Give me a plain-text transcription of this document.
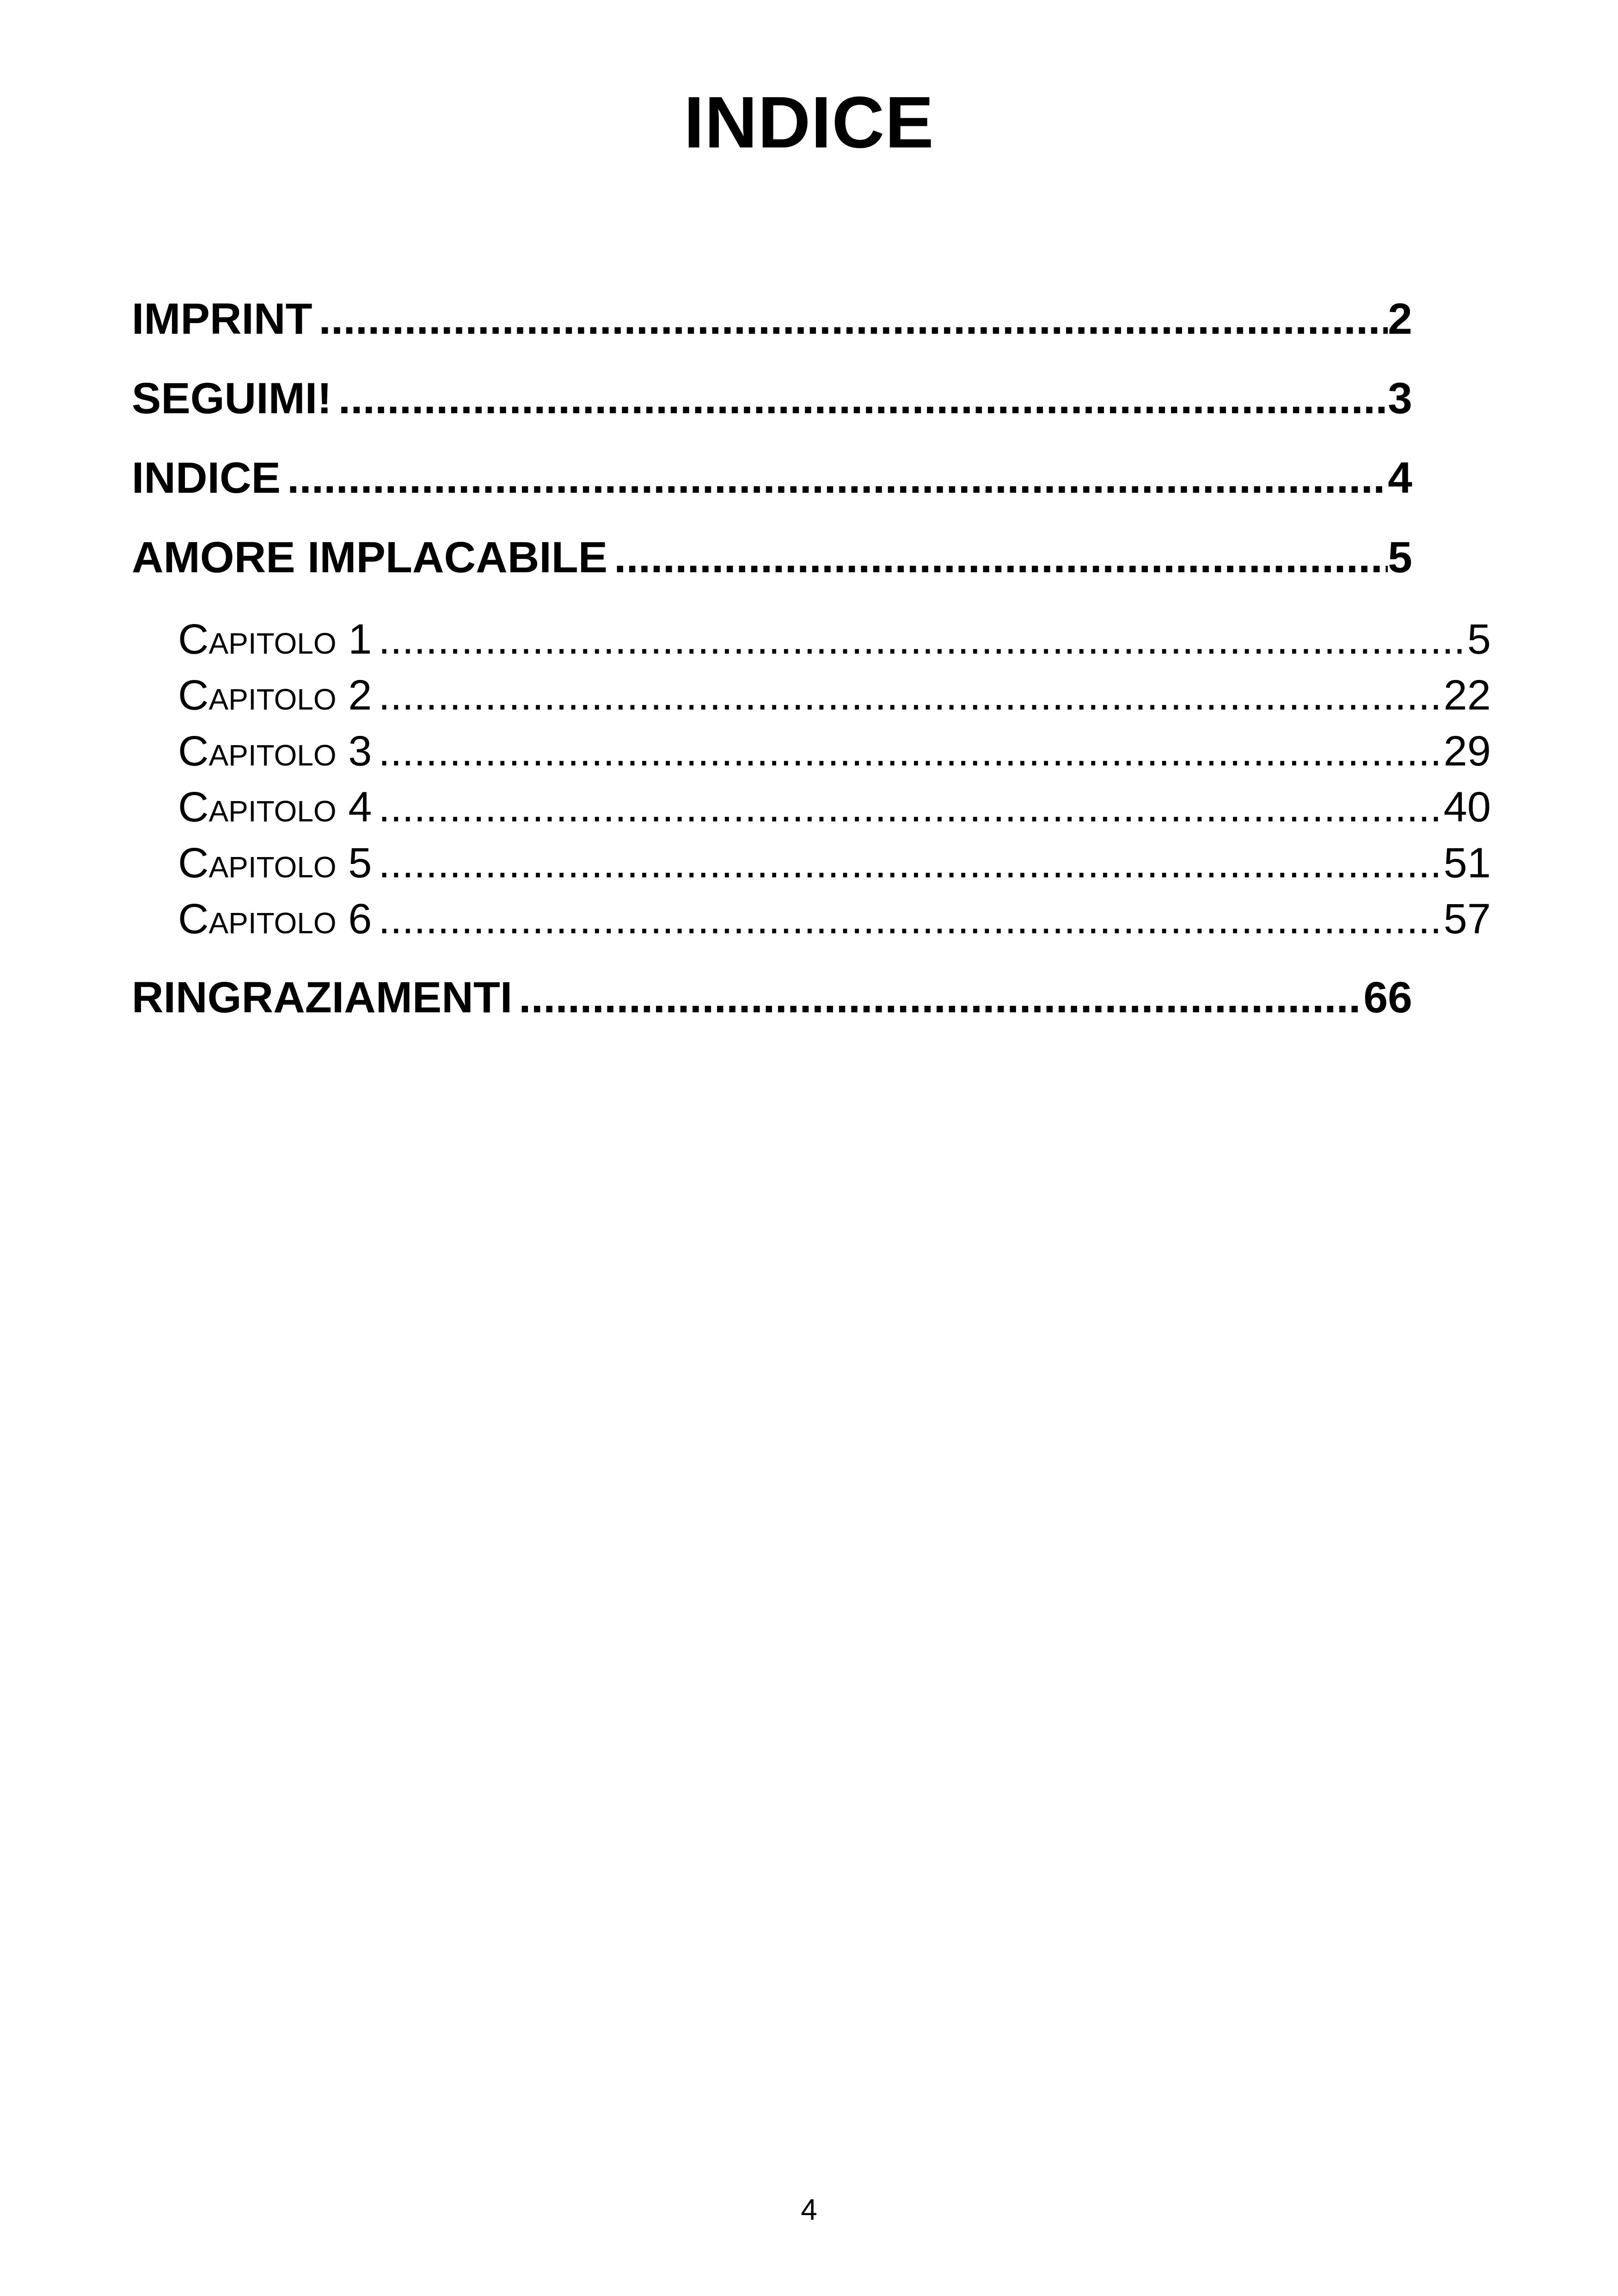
INDICE
IMPRINT .....	2
SEGUIMI! .....	3
INDICE .....	4
AMORE IMPLACABILE .....	5
Capitolo 1 .....	5
Capitolo 2 .....	22
Capitolo 3 .....	29
Capitolo 4 .....	40
Capitolo 5 .....	51
Capitolo 6 .....	57
RINGRAZIAMENTI .....	66
4
